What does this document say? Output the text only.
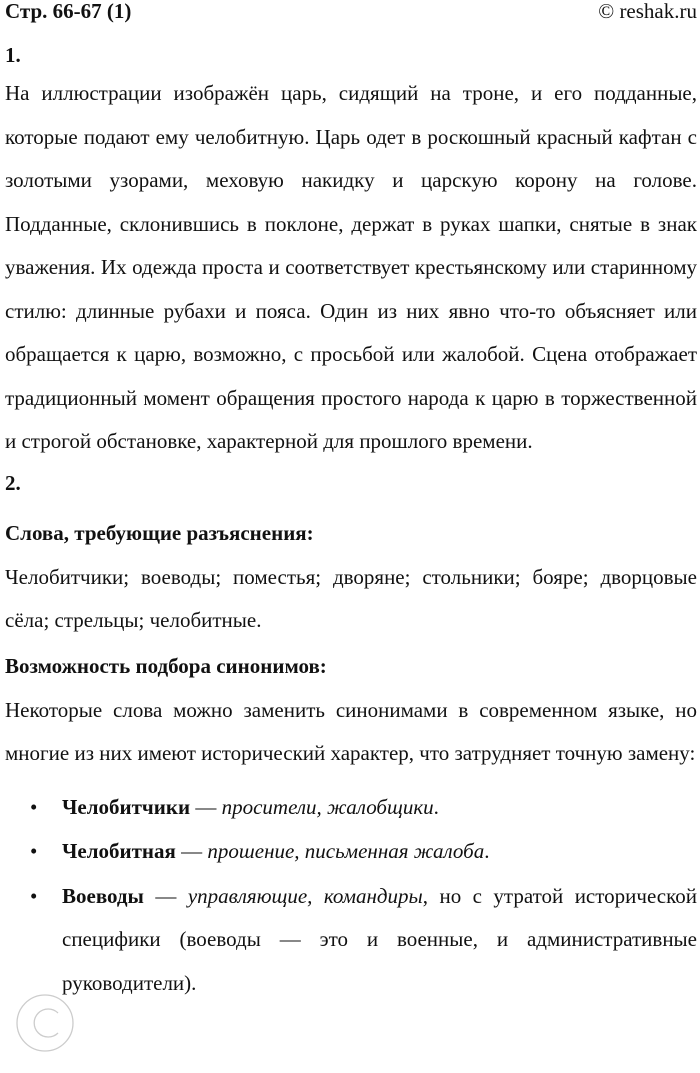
Стр. 66-67 (1)	© reshak.ru
1.

На иллюстрации изображён царь, сидящий на троне, и его подданные, которые подают ему челобитную. Царь одет в роскошный красный кафтан с золотыми узорами, меховую накидку и царскую корону на голове. Подданные, склонившись в поклоне, держат в руках шапки, снятые в знак уважения. Их одежда проста и соответствует крестьянскому или старинному стилю: длинные рубахи и пояса. Один из них явно что-то объясняет или обращается к царю, возможно, с просьбой или жалобой. Сцена отображает традиционный момент обращения простого народа к царю в торжественной и строгой обстановке, характерной для прошлого времени.

2.
Слова, требующие разъяснения:

Челобитчики; воеводы; поместья; дворяне; стольники; бояре; дворцовые сёла; стрельцы; челобитные.

Возможность подбора синонимов:

Некоторые слова можно заменить синонимами в современном языке, но многие из них имеют исторический характер, что затрудняет точную замену:

• Челобитчики — просители, жалобщики.
• Челобитная — прошение, письменная жалоба.
• Воеводы — управляющие, командиры, но с утратой исторической специфики (воеводы — это и военные, и административные руководители).
